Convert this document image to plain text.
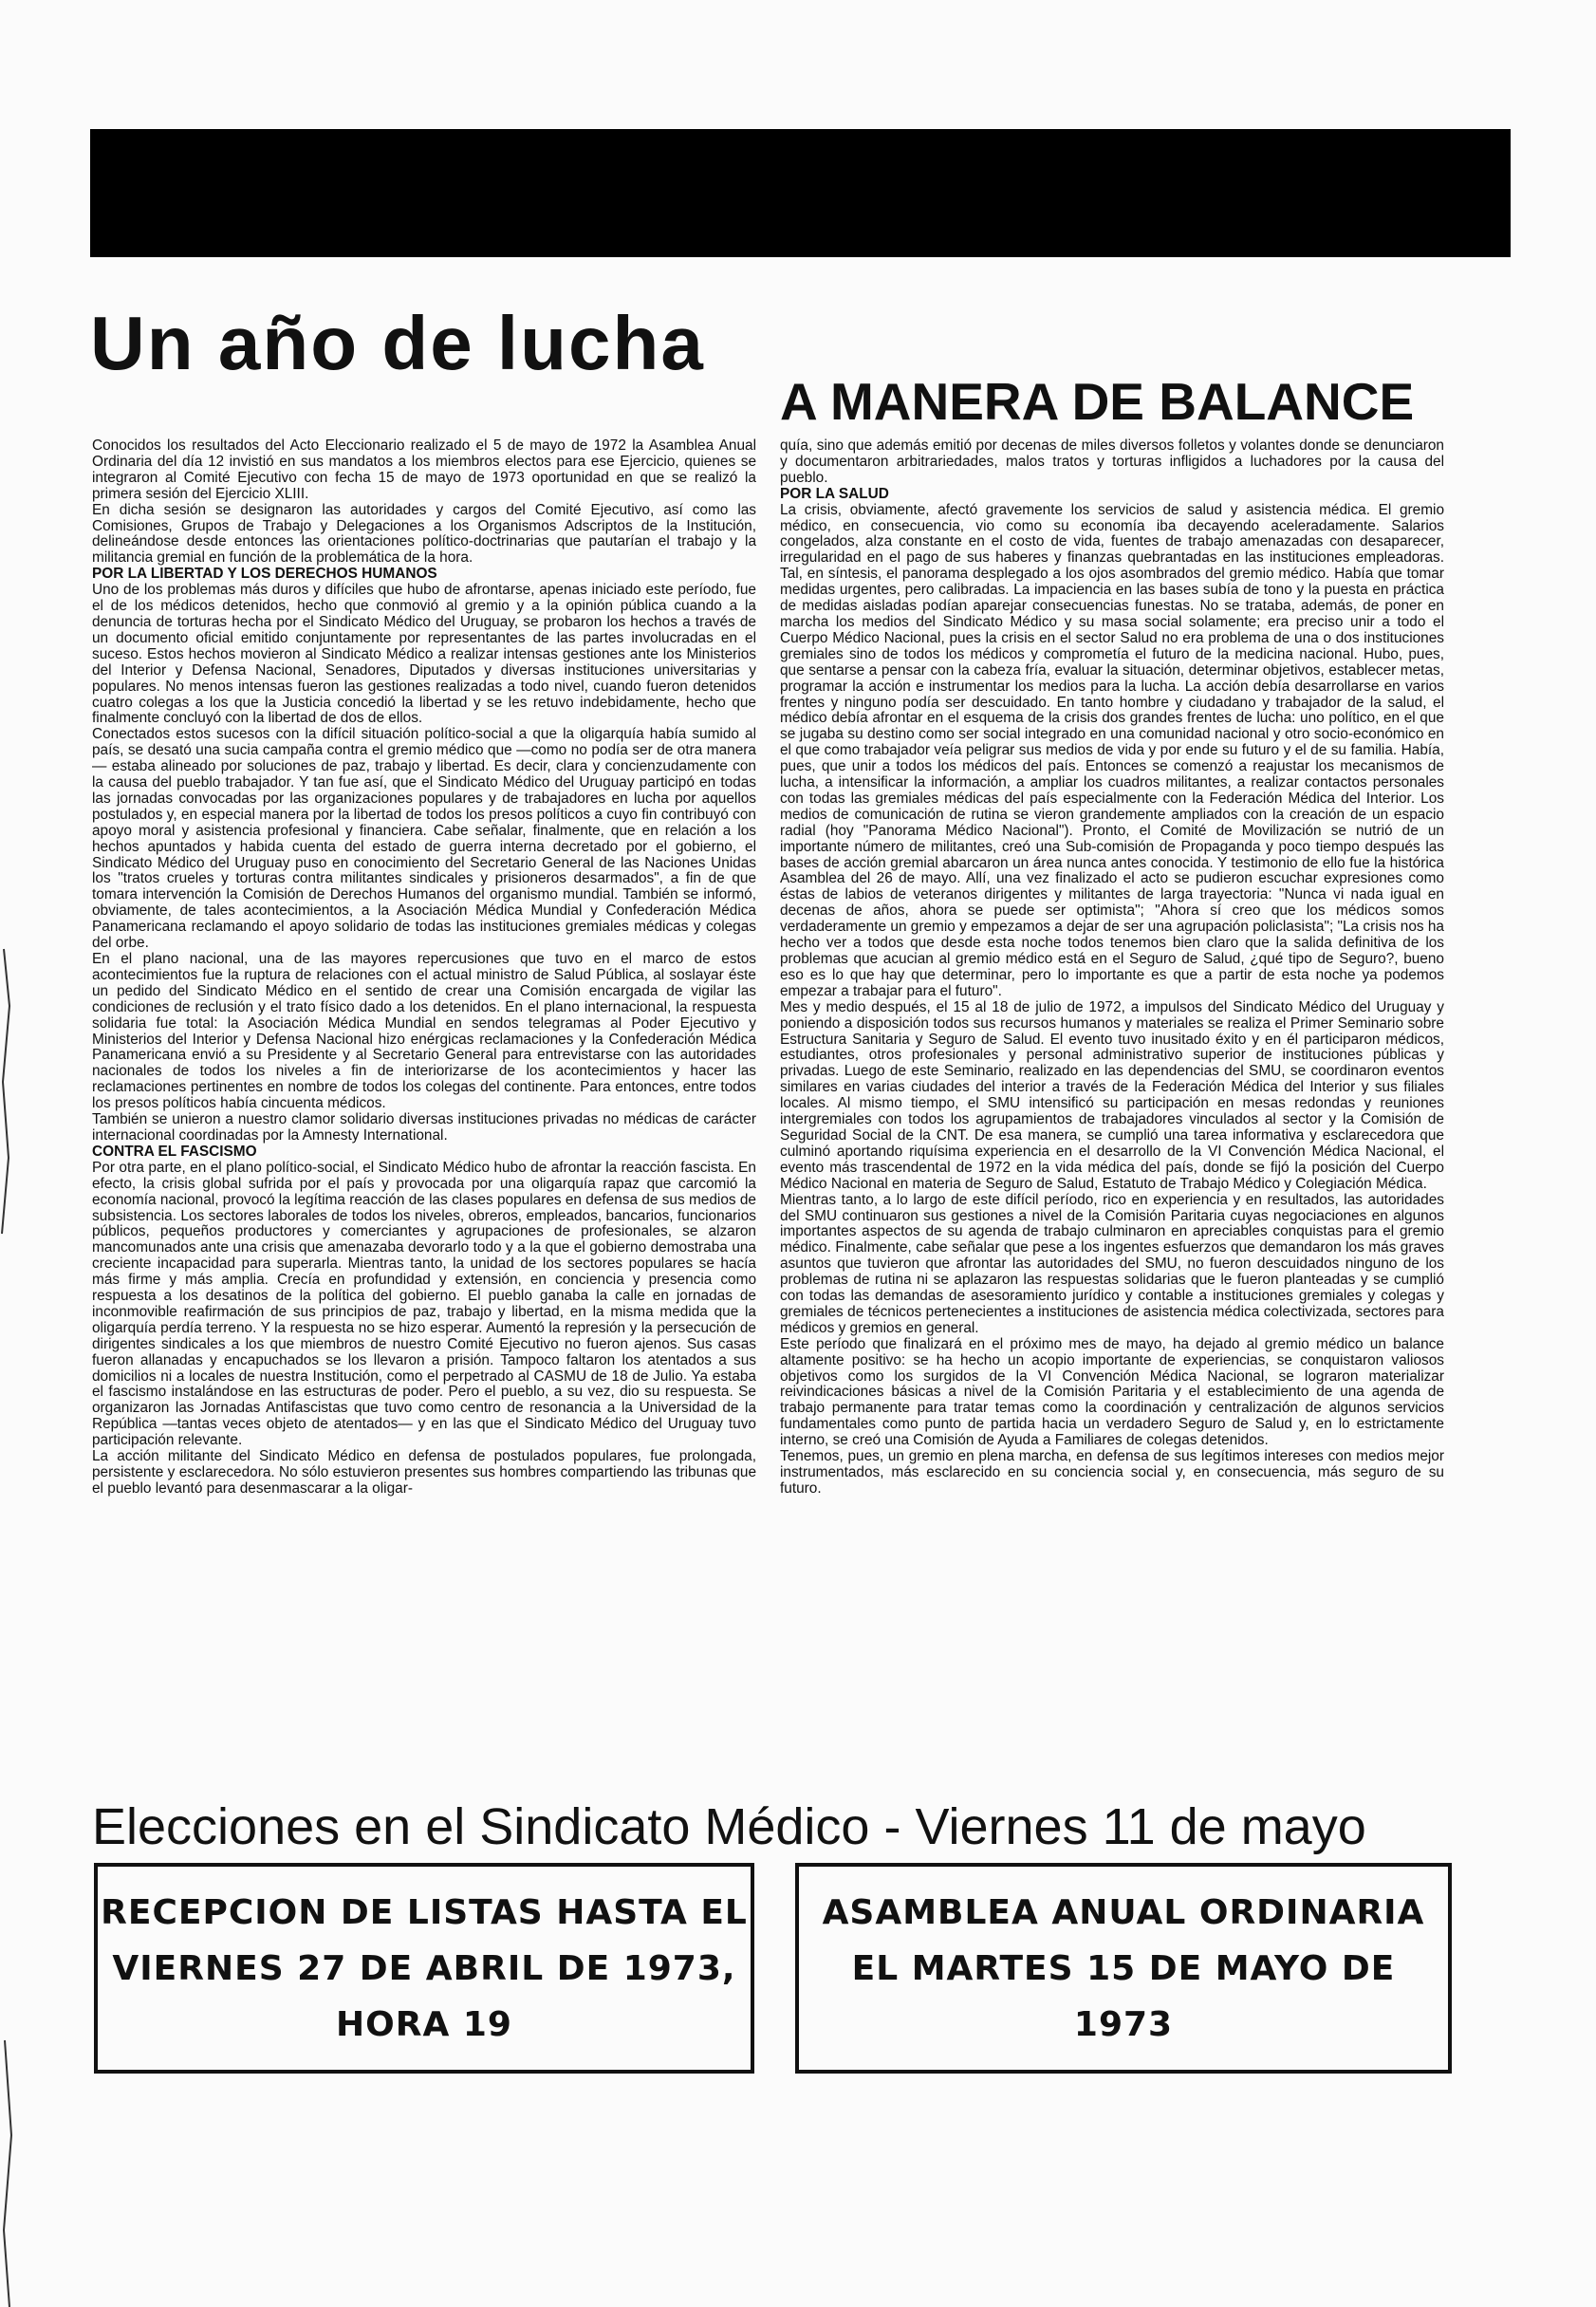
Un año de lucha
A MANERA DE BALANCE

Conocidos los resultados del Acto Eleccionario realizado el 5 de mayo de 1972 la Asamblea Anual Ordinaria del día 12 invistió en sus mandatos a los miembros electos para ese Ejercicio, quienes se integraron al Comité Ejecutivo con fecha 15 de mayo de 1973 oportunidad en que se realizó la primera sesión del Ejercicio XLIII.

En dicha sesión se designaron las autoridades y cargos del Comité Ejecutivo, así como las Comisiones, Grupos de Trabajo y Delegaciones a los Organismos Adscriptos de la Institución, delineándose desde entonces las orientaciones político-doctrinarias que pautarían el trabajo y la militancia gremial en función de la problemática de la hora.

POR LA LIBERTAD Y LOS DERECHOS HUMANOS

Uno de los problemas más duros y difíciles que hubo de afrontarse, apenas iniciado este período, fue el de los médicos detenidos, hecho que conmovió al gremio y a la opinión pública cuando a la denuncia de torturas hecha por el Sindicato Médico del Uruguay, se probaron los hechos a través de un documento oficial emitido conjuntamente por representantes de las partes involucradas en el suceso. Estos hechos movieron al Sindicato Médico a realizar intensas gestiones ante los Ministerios del Interior y Defensa Nacional, Senadores, Diputados y diversas instituciones universitarias y populares. No menos intensas fueron las gestiones realizadas a todo nivel, cuando fueron detenidos cuatro colegas a los que la Justicia concedió la libertad y se les retuvo indebidamente, hecho que finalmente concluyó con la libertad de dos de ellos.

Conectados estos sucesos con la difícil situación político-social a que la oligarquía había sumido al país, se desató una sucia campaña contra el gremio médico que —como no podía ser de otra manera— estaba alineado por soluciones de paz, trabajo y libertad. Es decir, clara y concienzudamente con la causa del pueblo trabajador. Y tan fue así, que el Sindicato Médico del Uruguay participó en todas las jornadas convocadas por las organizaciones populares y de trabajadores en lucha por aquellos postulados y, en especial manera por la libertad de todos los presos políticos a cuyo fin contribuyó con apoyo moral y asistencia profesional y financiera. Cabe señalar, finalmente, que en relación a los hechos apuntados y habida cuenta del estado de guerra interna decretado por el gobierno, el Sindicato Médico del Uruguay puso en conocimiento del Secretario General de las Naciones Unidas los "tratos crueles y torturas contra militantes sindicales y prisioneros desarmados", a fin de que tomara intervención la Comisión de Derechos Humanos del organismo mundial. También se informó, obviamente, de tales acontecimientos, a la Asociación Médica Mundial y Confederación Médica Panamericana reclamando el apoyo solidario de todas las instituciones gremiales médicas y colegas del orbe.

En el plano nacional, una de las mayores repercusiones que tuvo en el marco de estos acontecimientos fue la ruptura de relaciones con el actual ministro de Salud Pública, al soslayar éste un pedido del Sindicato Médico en el sentido de crear una Comisión encargada de vigilar las condiciones de reclusión y el trato físico dado a los detenidos. En el plano internacional, la respuesta solidaria fue total: la Asociación Médica Mundial en sendos telegramas al Poder Ejecutivo y Ministerios del Interior y Defensa Nacional hizo enérgicas reclamaciones y la Confederación Médica Panamericana envió a su Presidente y al Secretario General para entrevistarse con las autoridades nacionales de todos los niveles a fin de interiorizarse de los acontecimientos y hacer las reclamaciones pertinentes en nombre de todos los colegas del continente. Para entonces, entre todos los presos políticos había cincuenta médicos.

También se unieron a nuestro clamor solidario diversas instituciones privadas no médicas de carácter internacional coordinadas por la Amnesty International.

CONTRA EL FASCISMO

Por otra parte, en el plano político-social, el Sindicato Médico hubo de afrontar la reacción fascista. En efecto, la crisis global sufrida por el país y provocada por una oligarquía rapaz que carcomió la economía nacional, provocó la legítima reacción de las clases populares en defensa de sus medios de subsistencia. Los sectores laborales de todos los niveles, obreros, empleados, bancarios, funcionarios públicos, pequeños productores y comerciantes y agrupaciones de profesionales, se alzaron mancomunados ante una crisis que amenazaba devorarlo todo y a la que el gobierno demostraba una creciente incapacidad para superarla. Mientras tanto, la unidad de los sectores populares se hacía más firme y más amplia. Crecía en profundidad y extensión, en conciencia y presencia como respuesta a los desatinos de la política del gobierno. El pueblo ganaba la calle en jornadas de inconmovible reafirmación de sus principios de paz, trabajo y libertad, en la misma medida que la oligarquía perdía terreno. Y la respuesta no se hizo esperar. Aumentó la represión y la persecución de dirigentes sindicales a los que miembros de nuestro Comité Ejecutivo no fueron ajenos. Sus casas fueron allanadas y encapuchados se los llevaron a prisión. Tampoco faltaron los atentados a sus domicilios ni a locales de nuestra Institución, como el perpetrado al CASMU de 18 de Julio. Ya estaba el fascismo instalándose en las estructuras de poder. Pero el pueblo, a su vez, dio su respuesta. Se organizaron las Jornadas Antifascistas que tuvo como centro de resonancia a la Universidad de la República —tantas veces objeto de atentados— y en las que el Sindicato Médico del Uruguay tuvo participación relevante.

La acción militante del Sindicato Médico en defensa de postulados populares, fue prolongada, persistente y esclarecedora. No sólo estuvieron presentes sus hombres compartiendo las tribunas que el pueblo levantó para desenmascarar a la oligar-

quía, sino que además emitió por decenas de miles diversos folletos y volantes donde se denunciaron y documentaron arbitrariedades, malos tratos y torturas infligidos a luchadores por la causa del pueblo.

POR LA SALUD

La crisis, obviamente, afectó gravemente los servicios de salud y asistencia médica. El gremio médico, en consecuencia, vio como su economía iba decayendo aceleradamente. Salarios congelados, alza constante en el costo de vida, fuentes de trabajo amenazadas con desaparecer, irregularidad en el pago de sus haberes y finanzas quebrantadas en las instituciones empleadoras. Tal, en síntesis, el panorama desplegado a los ojos asombrados del gremio médico. Había que tomar medidas urgentes, pero calibradas. La impaciencia en las bases subía de tono y la puesta en práctica de medidas aisladas podían aparejar consecuencias funestas. No se trataba, además, de poner en marcha los medios del Sindicato Médico y su masa social solamente; era preciso unir a todo el Cuerpo Médico Nacional, pues la crisis en el sector Salud no era problema de una o dos instituciones gremiales sino de todos los médicos y comprometía el futuro de la medicina nacional. Hubo, pues, que sentarse a pensar con la cabeza fría, evaluar la situación, determinar objetivos, establecer metas, programar la acción e instrumentar los medios para la lucha. La acción debía desarrollarse en varios frentes y ninguno podía ser descuidado. En tanto hombre y ciudadano y trabajador de la salud, el médico debía afrontar en el esquema de la crisis dos grandes frentes de lucha: uno político, en el que se jugaba su destino como ser social integrado en una comunidad nacional y otro socio-económico en el que como trabajador veía peligrar sus medios de vida y por ende su futuro y el de su familia. Había, pues, que unir a todos los médicos del país. Entonces se comenzó a reajustar los mecanismos de lucha, a intensificar la información, a ampliar los cuadros militantes, a realizar contactos personales con todas las gremiales médicas del país especialmente con la Federación Médica del Interior. Los medios de comunicación de rutina se vieron grandemente ampliados con la creación de un espacio radial (hoy "Panorama Médico Nacional"). Pronto, el Comité de Movilización se nutrió de un importante número de militantes, creó una Sub-comisión de Propaganda y poco tiempo después las bases de acción gremial abarcaron un área nunca antes conocida. Y testimonio de ello fue la histórica Asamblea del 26 de mayo. Allí, una vez finalizado el acto se pudieron escuchar expresiones como éstas de labios de veteranos dirigentes y militantes de larga trayectoria: "Nunca vi nada igual en decenas de años, ahora se puede ser optimista"; "Ahora sí creo que los médicos somos verdaderamente un gremio y empezamos a dejar de ser una agrupación policlasista"; "La crisis nos ha hecho ver a todos que desde esta noche todos tenemos bien claro que la salida definitiva de los problemas que acucian al gremio médico está en el Seguro de Salud, ¿qué tipo de Seguro?, bueno eso es lo que hay que determinar, pero lo importante es que a partir de esta noche ya podemos empezar a trabajar para el futuro".

Mes y medio después, el 15 al 18 de julio de 1972, a impulsos del Sindicato Médico del Uruguay y poniendo a disposición todos sus recursos humanos y materiales se realiza el Primer Seminario sobre Estructura Sanitaria y Seguro de Salud. El evento tuvo inusitado éxito y en él participaron médicos, estudiantes, otros profesionales y personal administrativo superior de instituciones públicas y privadas. Luego de este Seminario, realizado en las dependencias del SMU, se coordinaron eventos similares en varias ciudades del interior a través de la Federación Médica del Interior y sus filiales locales. Al mismo tiempo, el SMU intensificó su participación en mesas redondas y reuniones intergremiales con todos los agrupamientos de trabajadores vinculados al sector y la Comisión de Seguridad Social de la CNT. De esa manera, se cumplió una tarea informativa y esclarecedora que culminó aportando riquísima experiencia en el desarrollo de la VI Convención Médica Nacional, el evento más trascendental de 1972 en la vida médica del país, donde se fijó la posición del Cuerpo Médico Nacional en materia de Seguro de Salud, Estatuto de Trabajo Médico y Colegiación Médica.

Mientras tanto, a lo largo de este difícil período, rico en experiencia y en resultados, las autoridades del SMU continuaron sus gestiones a nivel de la Comisión Paritaria cuyas negociaciones en algunos importantes aspectos de su agenda de trabajo culminaron en apreciables conquistas para el gremio médico. Finalmente, cabe señalar que pese a los ingentes esfuerzos que demandaron los más graves asuntos que tuvieron que afrontar las autoridades del SMU, no fueron descuidados ninguno de los problemas de rutina ni se aplazaron las respuestas solidarias que le fueron planteadas y se cumplió con todas las demandas de asesoramiento jurídico y contable a instituciones gremiales y colegas y gremiales de técnicos pertenecientes a instituciones de asistencia médica colectivizada, sectores para médicos y gremios en general.

Este período que finalizará en el próximo mes de mayo, ha dejado al gremio médico un balance altamente positivo: se ha hecho un acopio importante de experiencias, se conquistaron valiosos objetivos como los surgidos de la VI Convención Médica Nacional, se lograron materializar reivindicaciones básicas a nivel de la Comisión Paritaria y el establecimiento de una agenda de trabajo permanente para tratar temas como la coordinación y centralización de algunos servicios fundamentales como punto de partida hacia un verdadero Seguro de Salud y, en lo estrictamente interno, se creó una Comisión de Ayuda a Familiares de colegas detenidos.

Tenemos, pues, un gremio en plena marcha, en defensa de sus legítimos intereses con medios mejor instrumentados, más esclarecido en su conciencia social y, en consecuencia, más seguro de su futuro.

Elecciones en el Sindicato Médico - Viernes 11 de mayo
RECEPCION DE LISTAS HASTA EL VIERNES 27 DE ABRIL DE 1973, HORA 19
ASAMBLEA ANUAL ORDINARIA EL MARTES 15 DE MAYO DE 1973
